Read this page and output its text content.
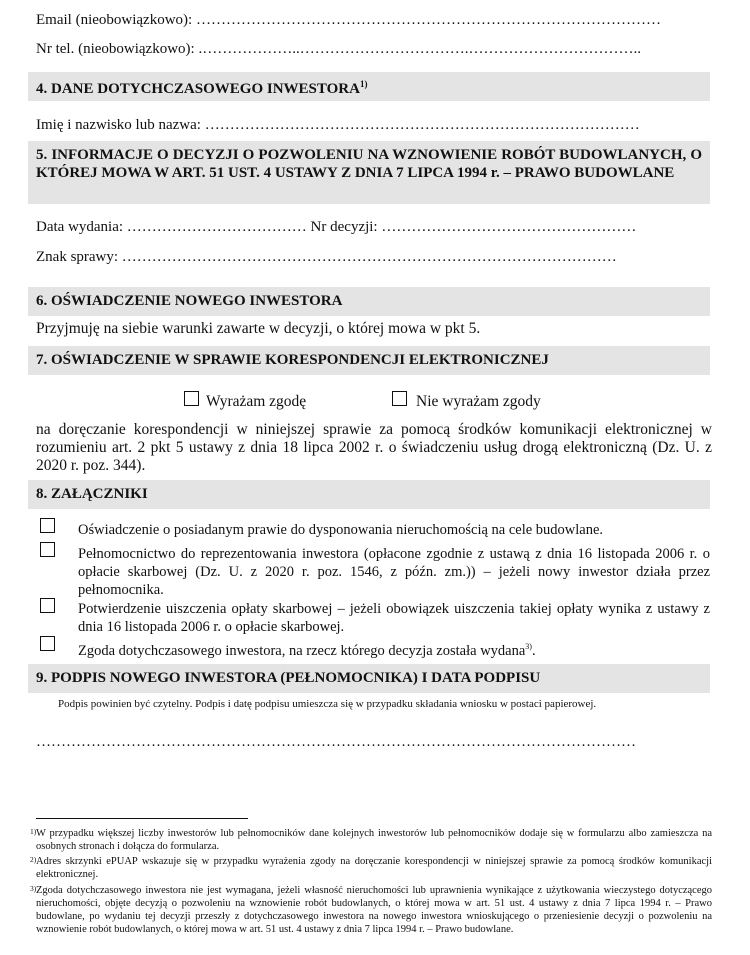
Email (nieobowiązkowo): …………………………………………………………………………………
Nr tel. (nieobowiązkowo): .………………..…………………………….……………………………..
4. DANE DOTYCHCZASOWEGO INWESTORA$^{1)}$
Imię i nazwisko lub nazwa: ……………………………………………………………………………
5. INFORMACJE O DECYZJI O POZWOLENIU NA WZNOWIENIE ROBÓT BUDOWLANYCH, O KTÓREJ MOWA W ART. 51 UST. 4 USTAWY Z DNIA 7 LIPCA 1994 r. – PRAWO BUDOWLANE
Data wydania: ……………………………… Nr decyzji: ……………………………………………
Znak sprawy: ………………………………………………………………………………………
6. OŚWIADCZENIE NOWEGO INWESTORA
Przyjmuję na siebie warunki zawarte w decyzji, o której mowa w pkt 5.
7. OŚWIADCZENIE W SPRAWIE KORESPONDENCJI ELEKTRONICZNEJ
Wyrażam zgodę	Nie wyrażam zgody
na doręczanie korespondencji w niniejszej sprawie za pomocą środków komunikacji elektronicznej w rozumieniu art. 2 pkt 5 ustawy z dnia 18 lipca 2002 r. o świadczeniu usług drogą elektroniczną (Dz. U. z 2020 r. poz. 344).
8. ZAŁĄCZNIKI
Oświadczenie o posiadanym prawie do dysponowania nieruchomością na cele budowlane.
Pełnomocnictwo do reprezentowania inwestora (opłacone zgodnie z ustawą z dnia 16 listopada 2006 r. o opłacie skarbowej (Dz. U. z 2020 r. poz. 1546, z późn. zm.)) – jeżeli nowy inwestor działa przez pełnomocnika.
Potwierdzenie uiszczenia opłaty skarbowej – jeżeli obowiązek uiszczenia takiej opłaty wynika z ustawy z dnia 16 listopada 2006 r. o opłacie skarbowej.
Zgoda dotychczasowego inwestora, na rzecz którego decyzja została wydana$^{3)}$.
9. PODPIS NOWEGO INWESTORA (PEŁNOMOCNIKA) I DATA PODPISU
Podpis powinien być czytelny. Podpis i datę podpisu umieszcza się w przypadku składania wniosku w postaci papierowej.
…………………………………………………………………………………………………………
1) W przypadku większej liczby inwestorów lub pełnomocników dane kolejnych inwestorów lub pełnomocników dodaje się w formularzu albo zamieszcza na osobnych stronach i dołącza do formularza.
2) Adres skrzynki ePUAP wskazuje się w przypadku wyrażenia zgody na doręczanie korespondencji w niniejszej sprawie za pomocą środków komunikacji elektronicznej.
3) Zgoda dotychczasowego inwestora nie jest wymagana, jeżeli własność nieruchomości lub uprawnienia wynikające z użytkowania wieczystego dotyczącego nieruchomości, objęte decyzją o pozwoleniu na wznowienie robót budowlanych, o której mowa w art. 51 ust. 4 ustawy z dnia 7 lipca 1994 r. – Prawo budowlane, po wydaniu tej decyzji przeszły z dotychczasowego inwestora na nowego inwestora wnioskującego o przeniesienie decyzji o pozwoleniu na wznowienie robót budowlanych, o której mowa w art. 51 ust. 4 ustawy z dnia 7 lipca 1994 r. – Prawo budowlane.
